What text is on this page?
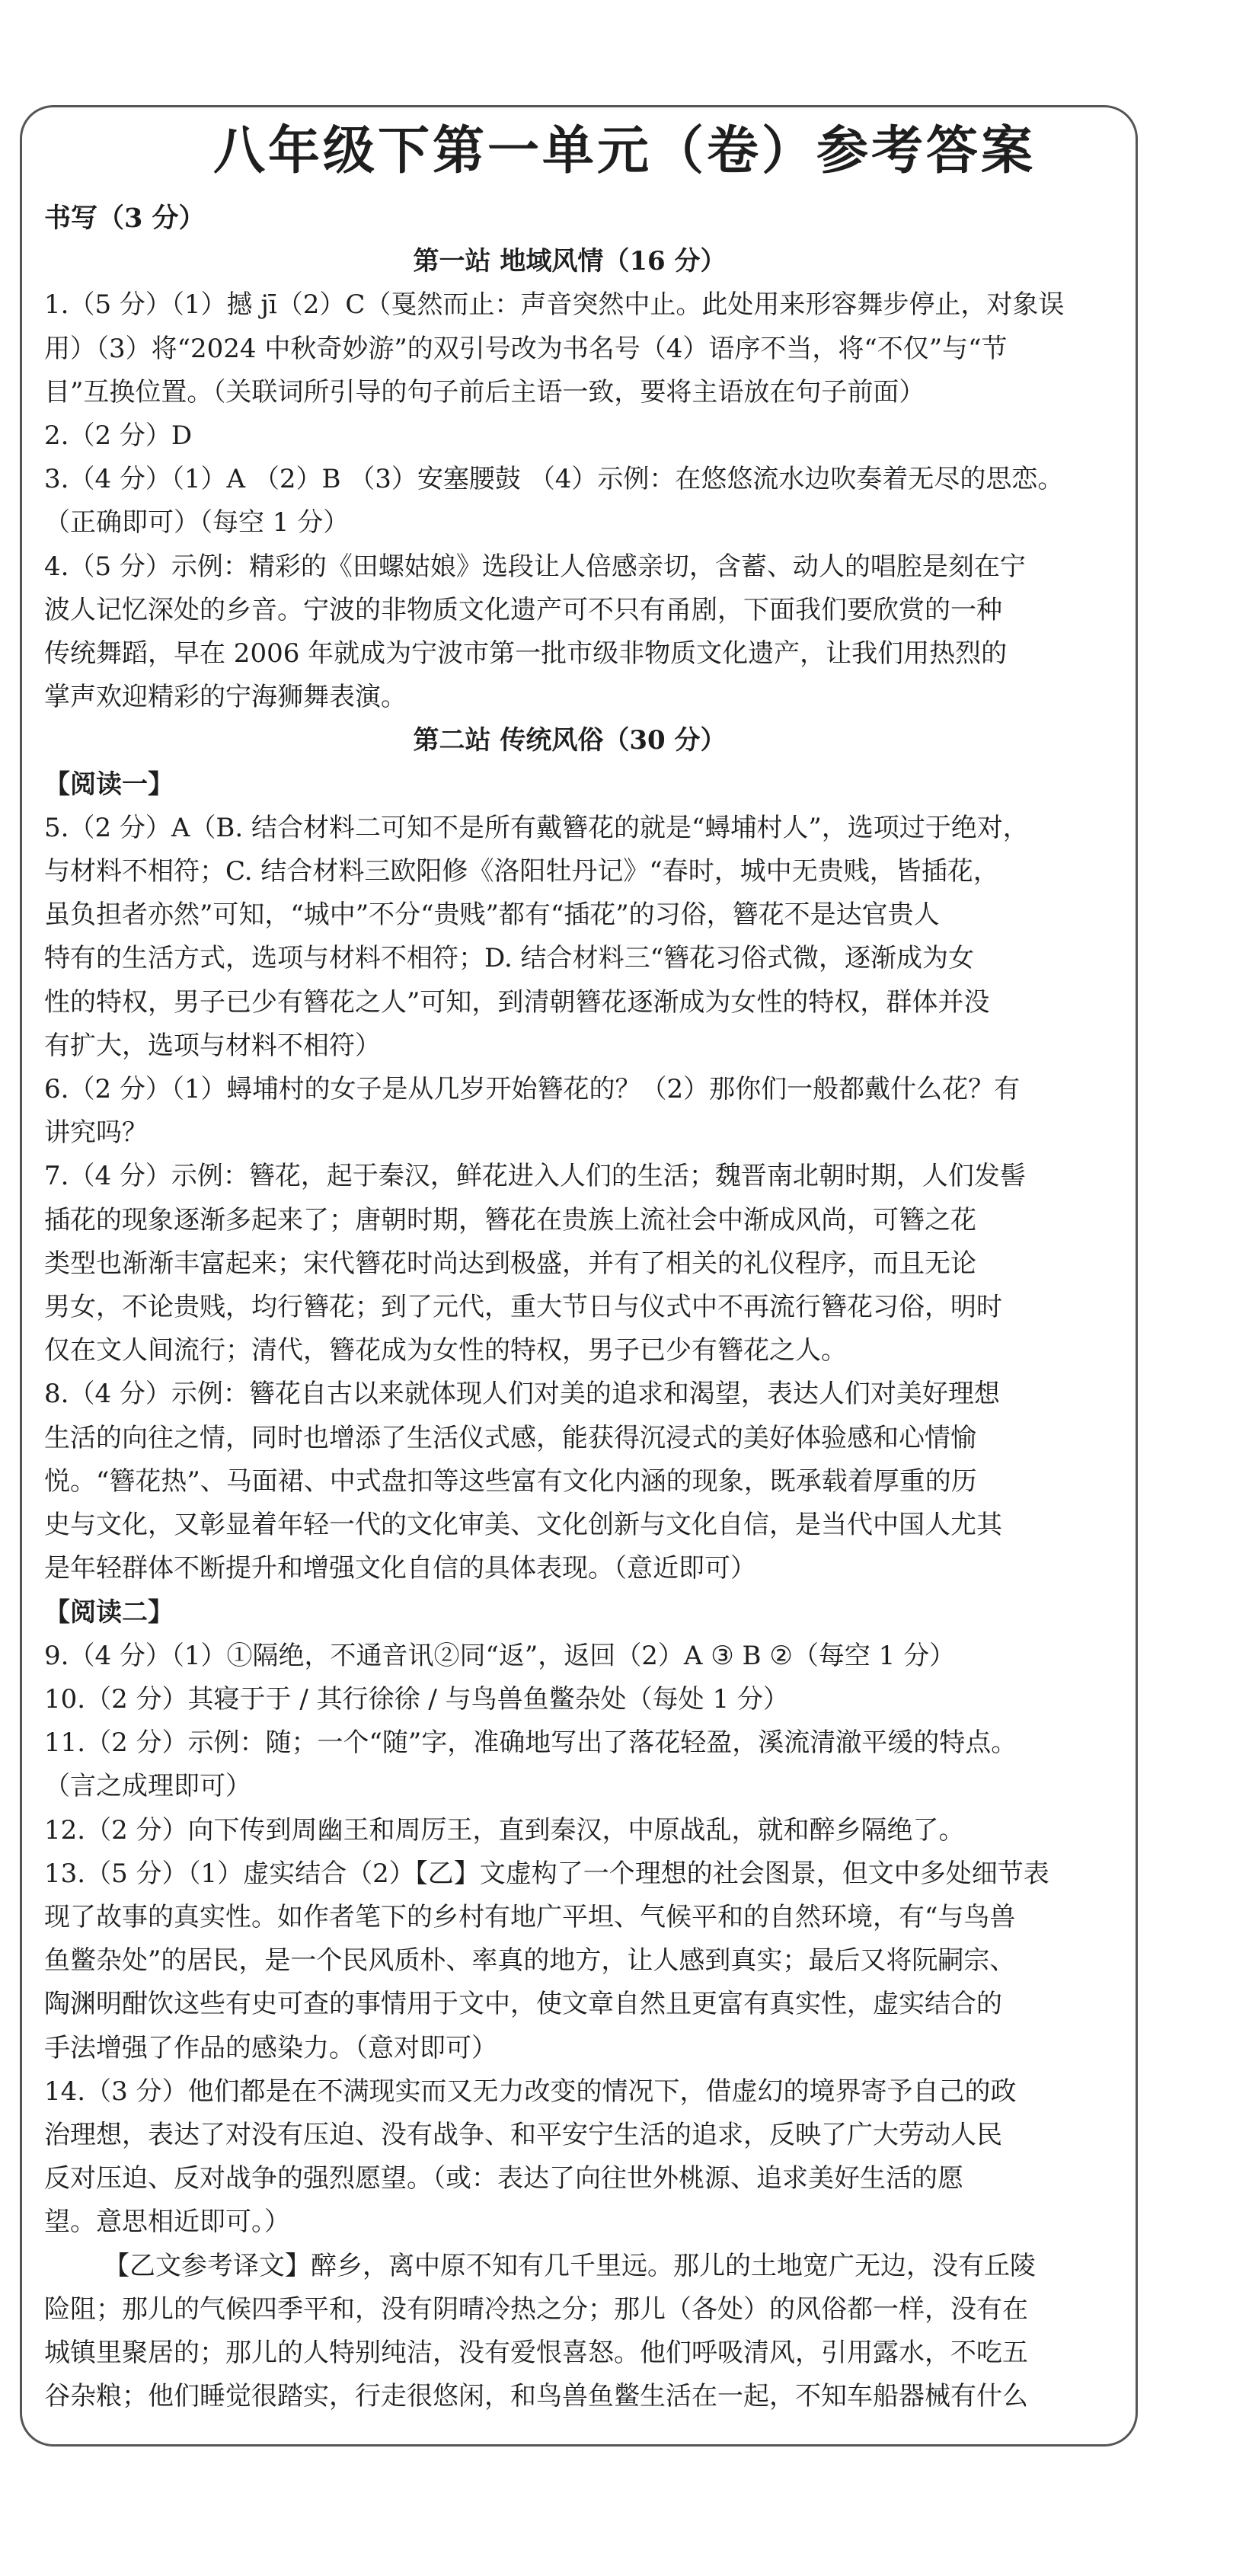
八年级下第一单元（卷）参考答案
书写（3 分）
第一站 地域风情（16 分）
1.（5 分）（1）撼 jī（2）C（戛然而止：声音突然中止。此处用来形容舞步停止，对象误
用）（3）将“2024 中秋奇妙游”的双引号改为书名号（4）语序不当，将“不仅”与“节
目”互换位置。（关联词所引导的句子前后主语一致，要将主语放在句子前面）
2.（2 分）D
3.（4 分）（1）A （2）B （3）安塞腰鼓 （4）示例：在悠悠流水边吹奏着无尽的思恋。
（正确即可）（每空 1 分）
4.（5 分）示例：精彩的《田螺姑娘》选段让人倍感亲切，含蓄、动人的唱腔是刻在宁
波人记忆深处的乡音。宁波的非物质文化遗产可不只有甬剧，下面我们要欣赏的一种
传统舞蹈，早在 2006 年就成为宁波市第一批市级非物质文化遗产，让我们用热烈的
掌声欢迎精彩的宁海狮舞表演。
第二站 传统风俗（30 分）
【阅读一】
5.（2 分）A（B. 结合材料二可知不是所有戴簪花的就是“蟳埔村人”，选项过于绝对，
与材料不相符；C. 结合材料三欧阳修《洛阳牡丹记》“春时，城中无贵贱，皆插花，
虽负担者亦然”可知，“城中”不分“贵贱”都有“插花”的习俗，簪花不是达官贵人
特有的生活方式，选项与材料不相符；D. 结合材料三“簪花习俗式微，逐渐成为女
性的特权，男子已少有簪花之人”可知，到清朝簪花逐渐成为女性的特权，群体并没
有扩大，选项与材料不相符）
6.（2 分）（1）蟳埔村的女子是从几岁开始簪花的？（2）那你们一般都戴什么花？有
讲究吗？
7.（4 分）示例：簪花，起于秦汉，鲜花进入人们的生活；魏晋南北朝时期，人们发髻
插花的现象逐渐多起来了；唐朝时期，簪花在贵族上流社会中渐成风尚，可簪之花
类型也渐渐丰富起来；宋代簪花时尚达到极盛，并有了相关的礼仪程序，而且无论
男女，不论贵贱，均行簪花；到了元代，重大节日与仪式中不再流行簪花习俗，明时
仅在文人间流行；清代，簪花成为女性的特权，男子已少有簪花之人。
8.（4 分）示例：簪花自古以来就体现人们对美的追求和渴望，表达人们对美好理想
生活的向往之情，同时也增添了生活仪式感，能获得沉浸式的美好体验感和心情愉
悦。“簪花热”、马面裙、中式盘扣等这些富有文化内涵的现象，既承载着厚重的历
史与文化，又彰显着年轻一代的文化审美、文化创新与文化自信，是当代中国人尤其
是年轻群体不断提升和增强文化自信的具体表现。（意近即可）
【阅读二】
9.（4 分）（1）①隔绝，不通音讯②同“返”，返回（2）A ③ B ②（每空 1 分）
10.（2 分）其寝于于 / 其行徐徐 / 与鸟兽鱼鳖杂处（每处 1 分）
11.（2 分）示例：随；一个“随”字，准确地写出了落花轻盈，溪流清澈平缓的特点。
（言之成理即可）
12.（2 分）向下传到周幽王和周厉王，直到秦汉，中原战乱，就和醉乡隔绝了。
13.（5 分）（1）虚实结合（2）【乙】文虚构了一个理想的社会图景，但文中多处细节表
现了故事的真实性。如作者笔下的乡村有地广平坦、气候平和的自然环境，有“与鸟兽
鱼鳖杂处”的居民，是一个民风质朴、率真的地方，让人感到真实；最后又将阮嗣宗、
陶渊明酣饮这些有史可查的事情用于文中，使文章自然且更富有真实性，虚实结合的
手法增强了作品的感染力。（意对即可）
14.（3 分）他们都是在不满现实而又无力改变的情况下，借虚幻的境界寄予自己的政
治理想，表达了对没有压迫、没有战争、和平安宁生活的追求，反映了广大劳动人民
反对压迫、反对战争的强烈愿望。（或：表达了向往世外桃源、追求美好生活的愿
望。意思相近即可。）
【乙文参考译文】醉乡，离中原不知有几千里远。那儿的土地宽广无边，没有丘陵
险阻；那儿的气候四季平和，没有阴晴冷热之分；那儿（各处）的风俗都一样，没有在
城镇里聚居的；那儿的人特别纯洁，没有爱恨喜怒。他们呼吸清风，引用露水，不吃五
谷杂粮；他们睡觉很踏实，行走很悠闲，和鸟兽鱼鳖生活在一起，不知车船器械有什么
